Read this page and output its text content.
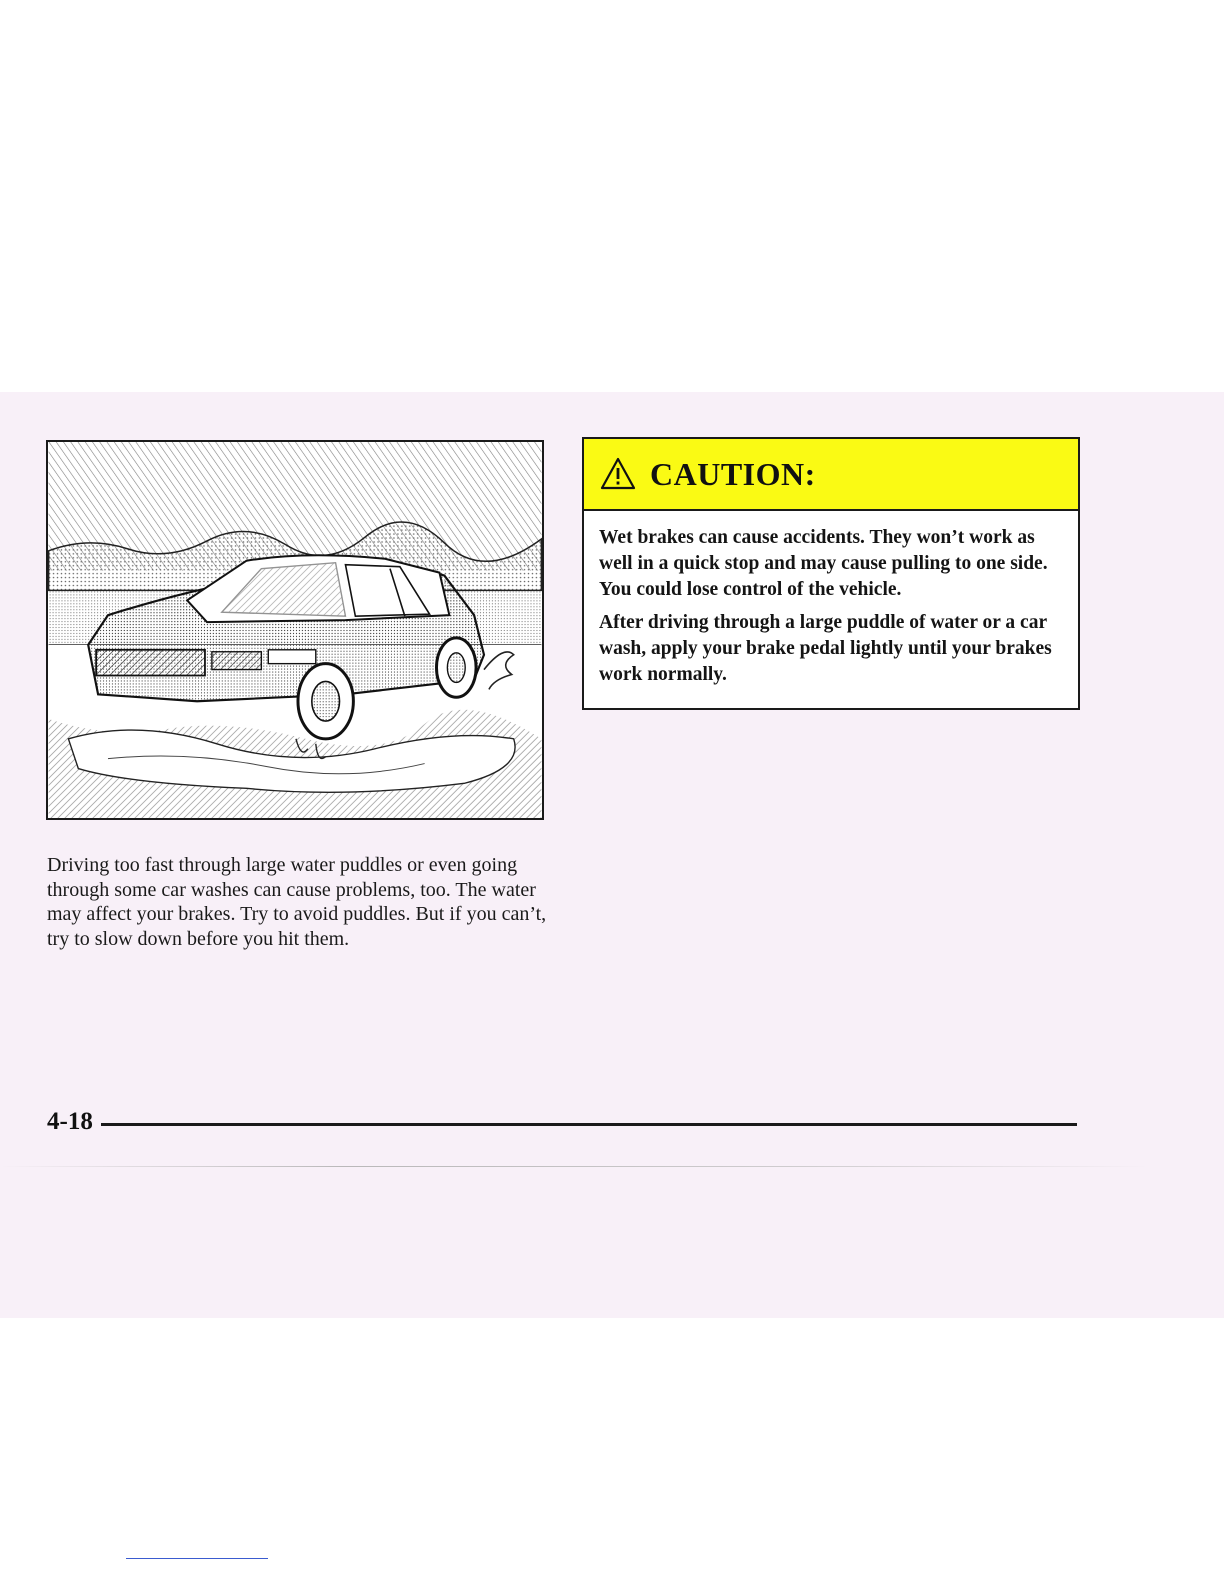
Driving too fast through large water puddles or even going through some car washes can cause problems, too. The water may affect your brakes. Try to avoid puddles. But if you can’t, try to slow down before you hit them.

CAUTION:

Wet brakes can cause accidents. They won’t work as well in a quick stop and may cause pulling to one side. You could lose control of the vehicle.

After driving through a large puddle of water or a car wash, apply your brake pedal lightly until your brakes work normally.

4-18
